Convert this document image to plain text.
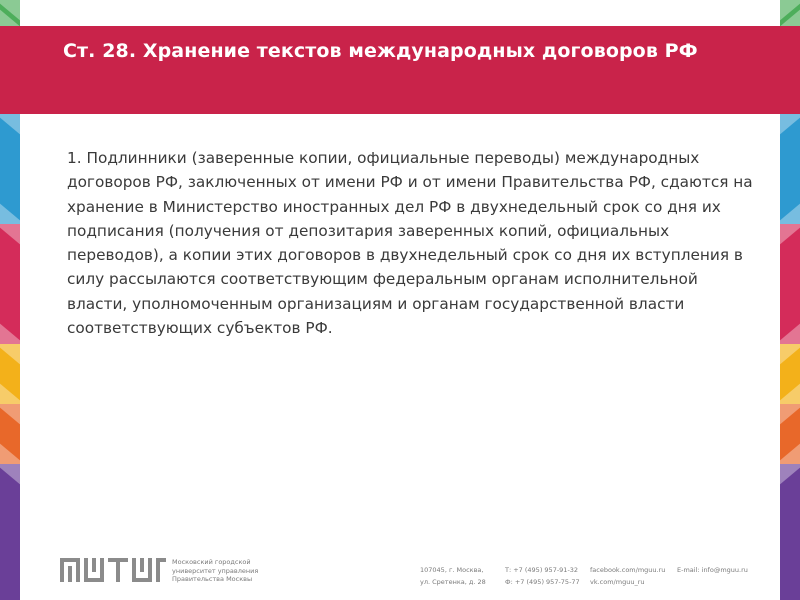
Ст. 28. Хранение текстов международных договоров РФ

1. Подлинники (заверенные копии, официальные переводы) международных договоров РФ, заключенных от имени РФ и от имени Правительства РФ, сдаются на хранение в Министерство иностранных дел РФ в двухнедельный срок со дня их подписания (получения от депозитария заверенных копий, официальных переводов), а копии этих договоров в двухнедельный срок со дня их вступления в силу рассылаются соответствующим федеральным органам исполнительной власти, уполномоченным организациям и органам государственной власти соответствующих субъектов РФ.

Московский городской
университет управления
Правительства Москвы

107045, г. Москва,
ул. Сретенка, д. 28

Т: +7 (495) 957-91-32
Ф: +7 (495) 957-75-77

facebook.com/mguu.ru
vk.com/mguu_ru

E-mail: info@mguu.ru
